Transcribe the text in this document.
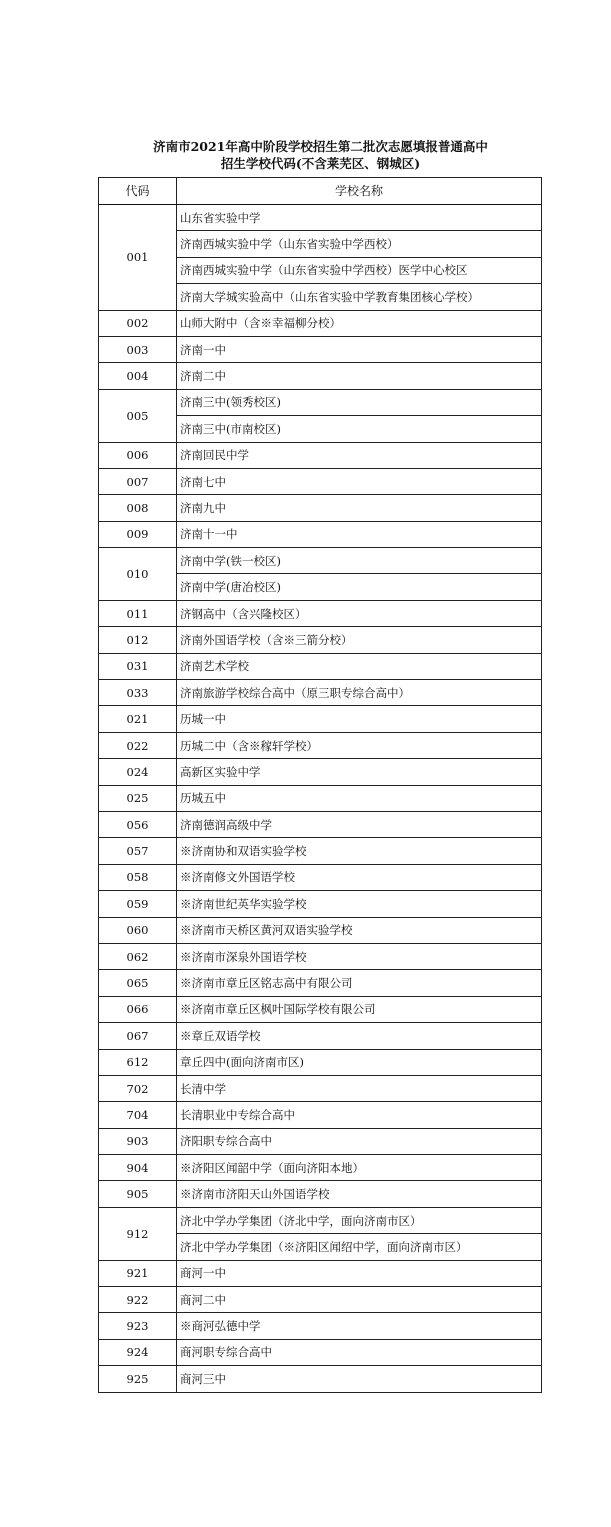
济南市2021年高中阶段学校招生第二批次志愿填报普通高中
招生学校代码(不含莱芜区、钢城区)
代码	学校名称
001	山东省实验中学
	济南西城实验中学（山东省实验中学西校）
	济南西城实验中学（山东省实验中学西校）医学中心校区
	济南大学城实验高中（山东省实验中学教育集团核心学校）
002	山师大附中（含※幸福柳分校）
003	济南一中
004	济南二中
005	济南三中(领秀校区)
	济南三中(市南校区)
006	济南回民中学
007	济南七中
008	济南九中
009	济南十一中
010	济南中学(铁一校区)
	济南中学(唐冶校区)
011	济钢高中（含兴隆校区）
012	济南外国语学校（含※三箭分校）
031	济南艺术学校
033	济南旅游学校综合高中（原三职专综合高中）
021	历城一中
022	历城二中（含※稼轩学校）
024	高新区实验中学
025	历城五中
056	济南德润高级中学
057	※济南协和双语实验学校
058	※济南修文外国语学校
059	※济南世纪英华实验学校
060	※济南市天桥区黄河双语实验学校
062	※济南市深泉外国语学校
065	※济南市章丘区铭志高中有限公司
066	※济南市章丘区枫叶国际学校有限公司
067	※章丘双语学校
612	章丘四中(面向济南市区)
702	长清中学
704	长清职业中专综合高中
903	济阳职专综合高中
904	※济阳区闻韶中学（面向济阳本地）
905	※济南市济阳天山外国语学校
912	济北中学办学集团（济北中学，面向济南市区）
	济北中学办学集团（※济阳区闻绍中学，面向济南市区）
921	商河一中
922	商河二中
923	※商河弘德中学
924	商河职专综合高中
925	商河三中
